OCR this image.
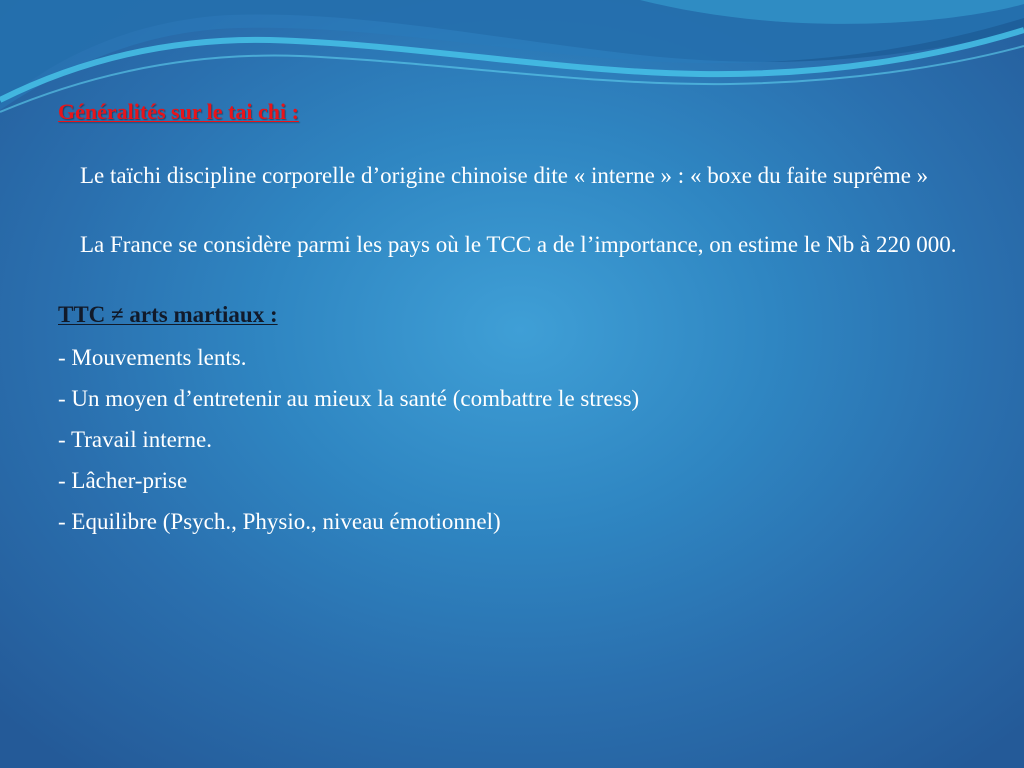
Généralités sur le tai chi :

Le taïchi discipline corporelle d’origine chinoise dite « interne » : « boxe du faite suprême »

La France se considère parmi les pays où le TCC a de l’importance, on estime le Nb à 220 000.

TTC ≠ arts martiaux :
- Mouvements lents.
- Un moyen d’entretenir au mieux la santé (combattre le stress)
- Travail interne.
- Lâcher-prise
- Equilibre (Psych., Physio., niveau émotionnel)
